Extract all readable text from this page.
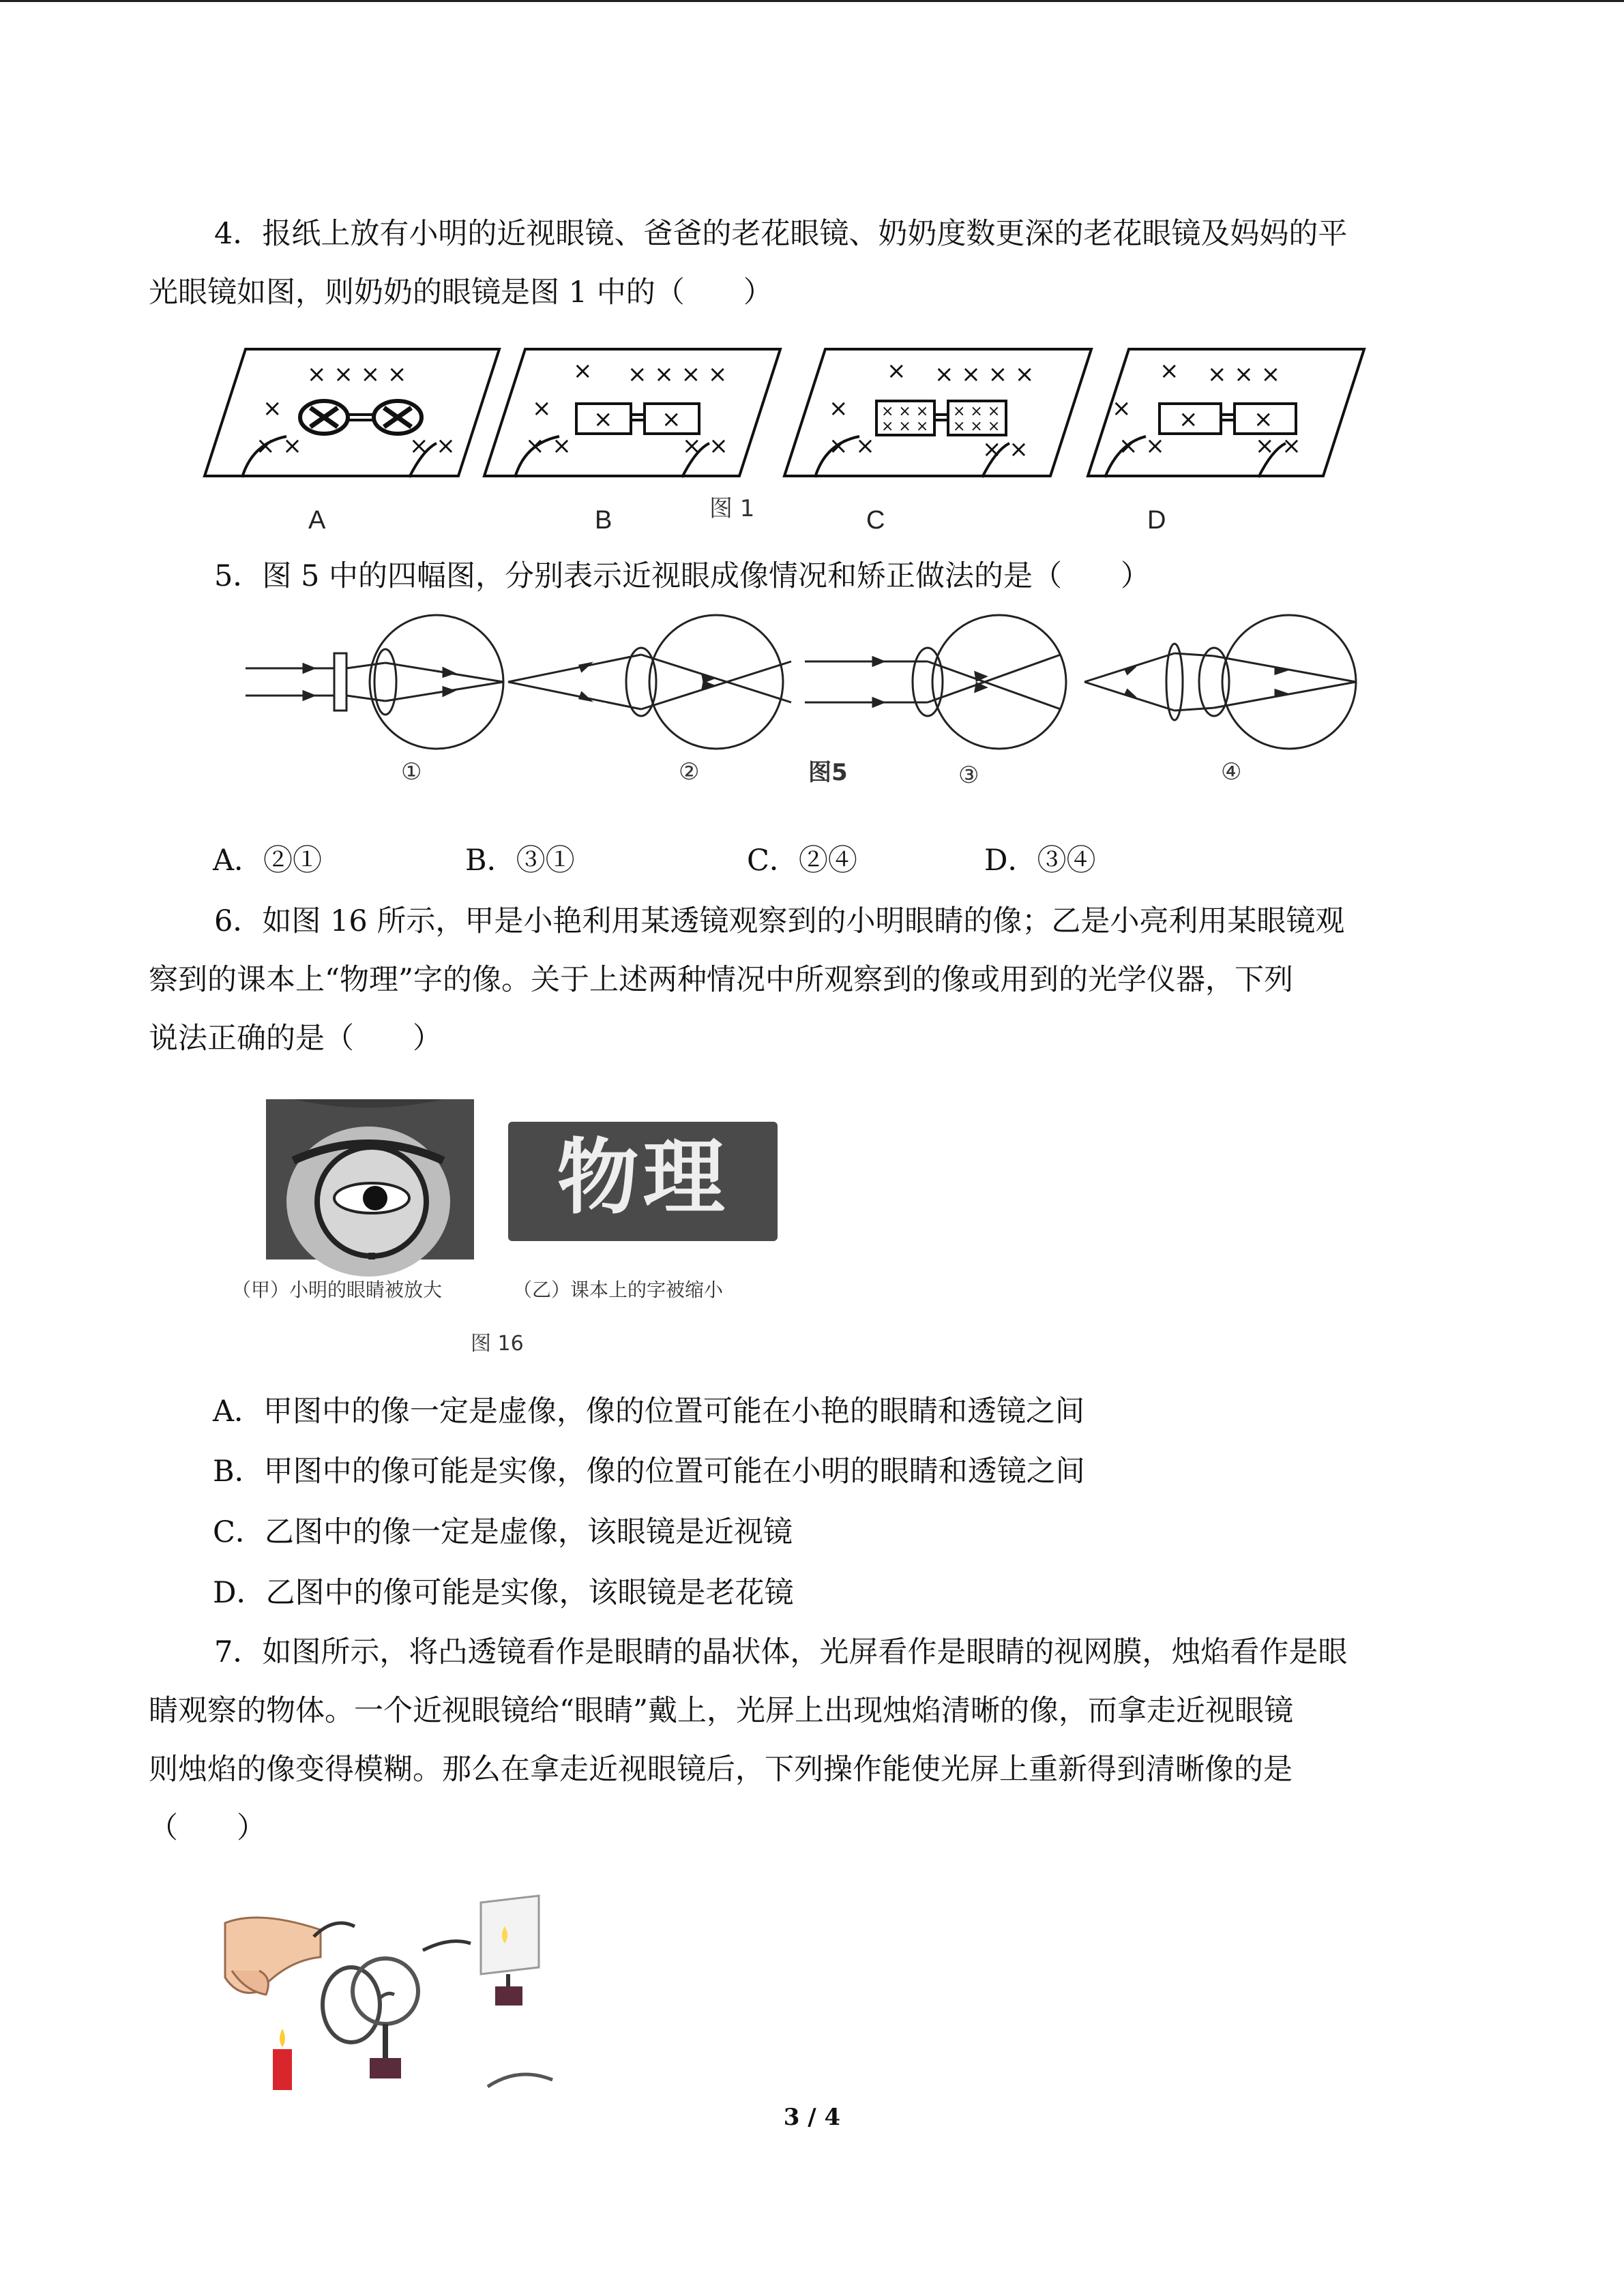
4．报纸上放有小明的近视眼镜、爸爸的老花眼镜、奶奶度数更深的老花眼镜及妈妈的平
光眼镜如图，则奶奶的眼镜是图 1 中的（　　）
× × × ×
×
× ×	× ×
× × × × ×
×
× ×	× ×
× ×
× × × × ×
×
× ×	× ×
× × ×
× × ×
× × ×
× × ×
× × × ×
×
× ×	× ×
× ×
A	B	图 1	C	D
5．图 5 中的四幅图，分别表示近视眼成像情况和矫正做法的是（　　）
①	②	图5	③	④
A．②①	B．③①	C．②④	D．③④
6．如图 16 所示，甲是小艳利用某透镜观察到的小明眼睛的像；乙是小亮利用某眼镜观
察到的课本上“物理”字的像。关于上述两种情况中所观察到的像或用到的光学仪器，下列
说法正确的是（　　）
物理
（甲）小明的眼睛被放大	（乙）课本上的字被缩小
图 16
A．甲图中的像一定是虚像，像的位置可能在小艳的眼睛和透镜之间
B．甲图中的像可能是实像，像的位置可能在小明的眼睛和透镜之间
C．乙图中的像一定是虚像，该眼镜是近视镜
D．乙图中的像可能是实像，该眼镜是老花镜
7．如图所示，将凸透镜看作是眼睛的晶状体，光屏看作是眼睛的视网膜，烛焰看作是眼
睛观察的物体。一个近视眼镜给“眼睛”戴上，光屏上出现烛焰清晰的像，而拿走近视眼镜
则烛焰的像变得模糊。那么在拿走近视眼镜后，下列操作能使光屏上重新得到清晰像的是
（　　）
3 / 4
